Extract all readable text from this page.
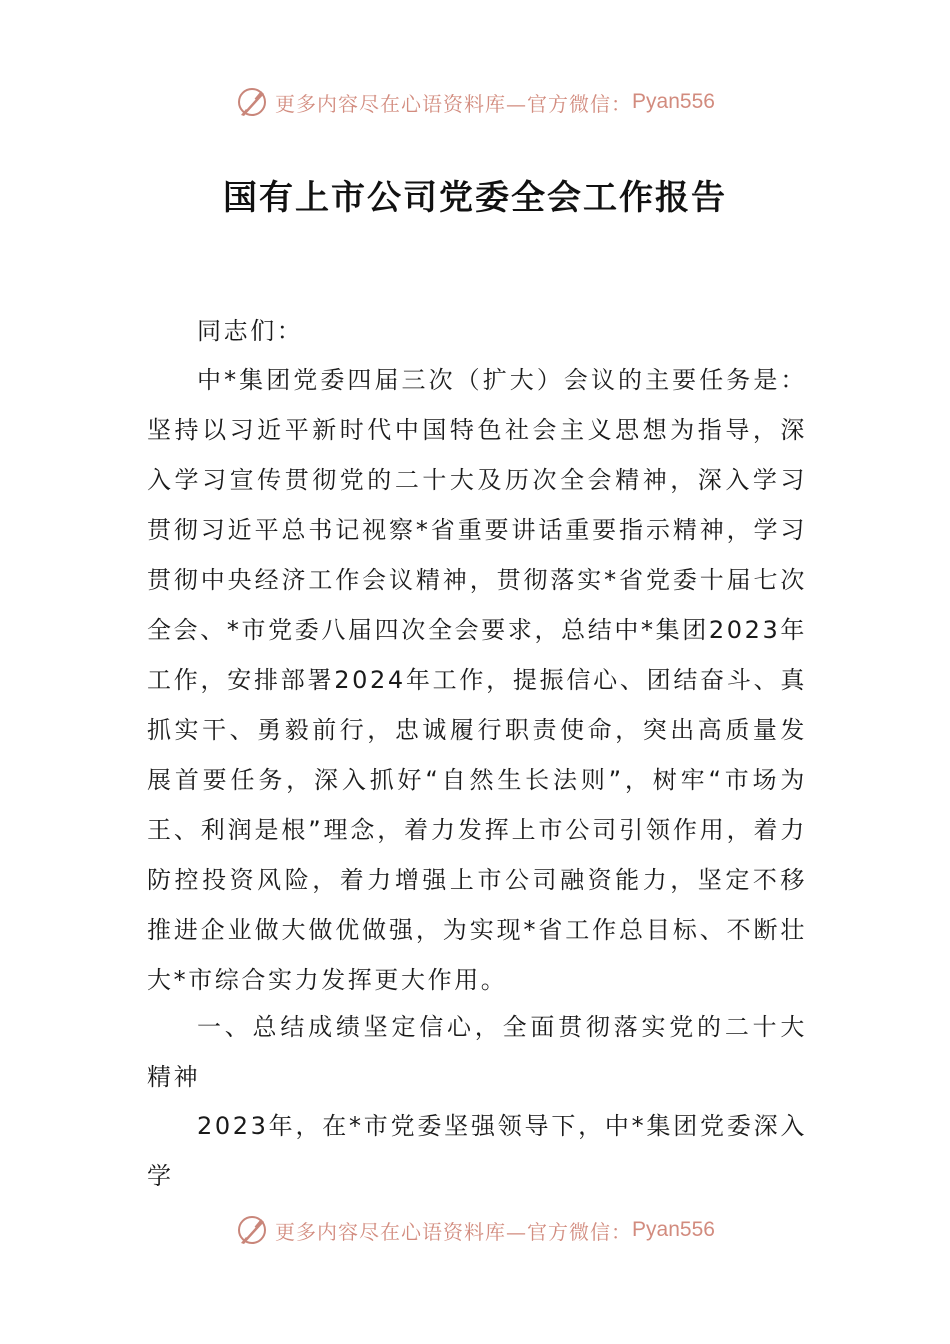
更多内容尽在心语资料库—官方微信： Pyan556
国有上市公司党委全会工作报告

同志们：

中*集团党委四届三次（扩大）会议的主要任务是：坚持以习近平新时代中国特色社会主义思想为指导，深入学习宣传贯彻党的二十大及历次全会精神，深入学习贯彻习近平总书记视察*省重要讲话重要指示精神，学习贯彻中央经济工作会议精神，贯彻落实*省党委十届七次全会、*市党委八届四次全会要求，总结中*集团2023年工作，安排部署2024年工作，提振信心、团结奋斗、真抓实干、勇毅前行，忠诚履行职责使命，突出高质量发展首要任务，深入抓好“自然生长法则”，树牢“市场为王、利润是根”理念，着力发挥上市公司引领作用，着力防控投资风险，着力增强上市公司融资能力，坚定不移推进企业做大做优做强，为实现*省工作总目标、不断壮大*市综合实力发挥更大作用。

一、总结成绩坚定信心，全面贯彻落实党的二十大精神

2023年，在*市党委坚强领导下，中*集团党委深入学

更多内容尽在心语资料库—官方微信： Pyan556
